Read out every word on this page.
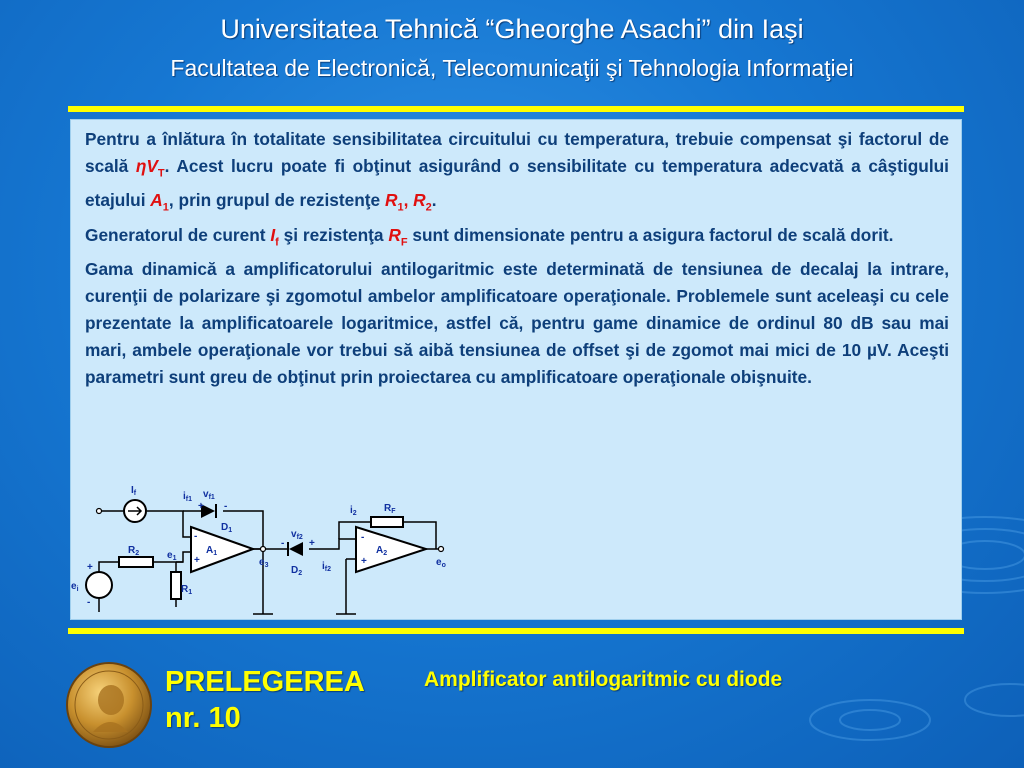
Universitatea Tehnică “Gheorghe Asachi” din Iaşi
Facultatea de Electronică, Telecomunicaţii şi Tehnologia Informaţiei

Pentru a înlătura în totalitate sensibilitatea circuitului cu temperatura, trebuie compensat şi factorul de scală $\eta V_T$. Acest lucru poate fi obţinut asigurând o sensibilitate cu temperatura adecvată a câştigului etajului $A_1$, prin grupul de rezistenţe $R_1$, $R_2$.

Generatorul de curent $I_f$ şi rezistenţa $R_F$ sunt dimensionate pentru a asigura factorul de scală dorit.

Gama dinamică a amplificatorului antilogaritmic este determinată de tensiunea de decalaj la intrare, curenţii de polarizare şi zgomotul ambelor amplificatoare operaţionale. Problemele sunt aceleaşi cu cele prezentate la amplificatoarele logaritmice, astfel că, pentru game dinamice de ordinul 80 dB sau mai mari, ambele operaţionale vor trebui să aibă tensiunea de offset şi de zgomot mai mici de 10 µV. Aceşti parametri sunt greu de obţinut prin proiectarea cu amplificatoare operaţionale obişnuite.

$I_f$	$i_{f1}$ $v_{f1}$
+ -
$D_1$
-
+
$A_1$
$R_2$	$e_1$
+
-
$e_i$	$R_1$
$e_3$
$v_{f2}$
- +
$D_2$
$i_{f2}$
$i_2$	$R_F$
-
+
$A_2$
$e_o$
PRELEGEREA
nr. 10
Amplificator antilogaritmic cu diode
